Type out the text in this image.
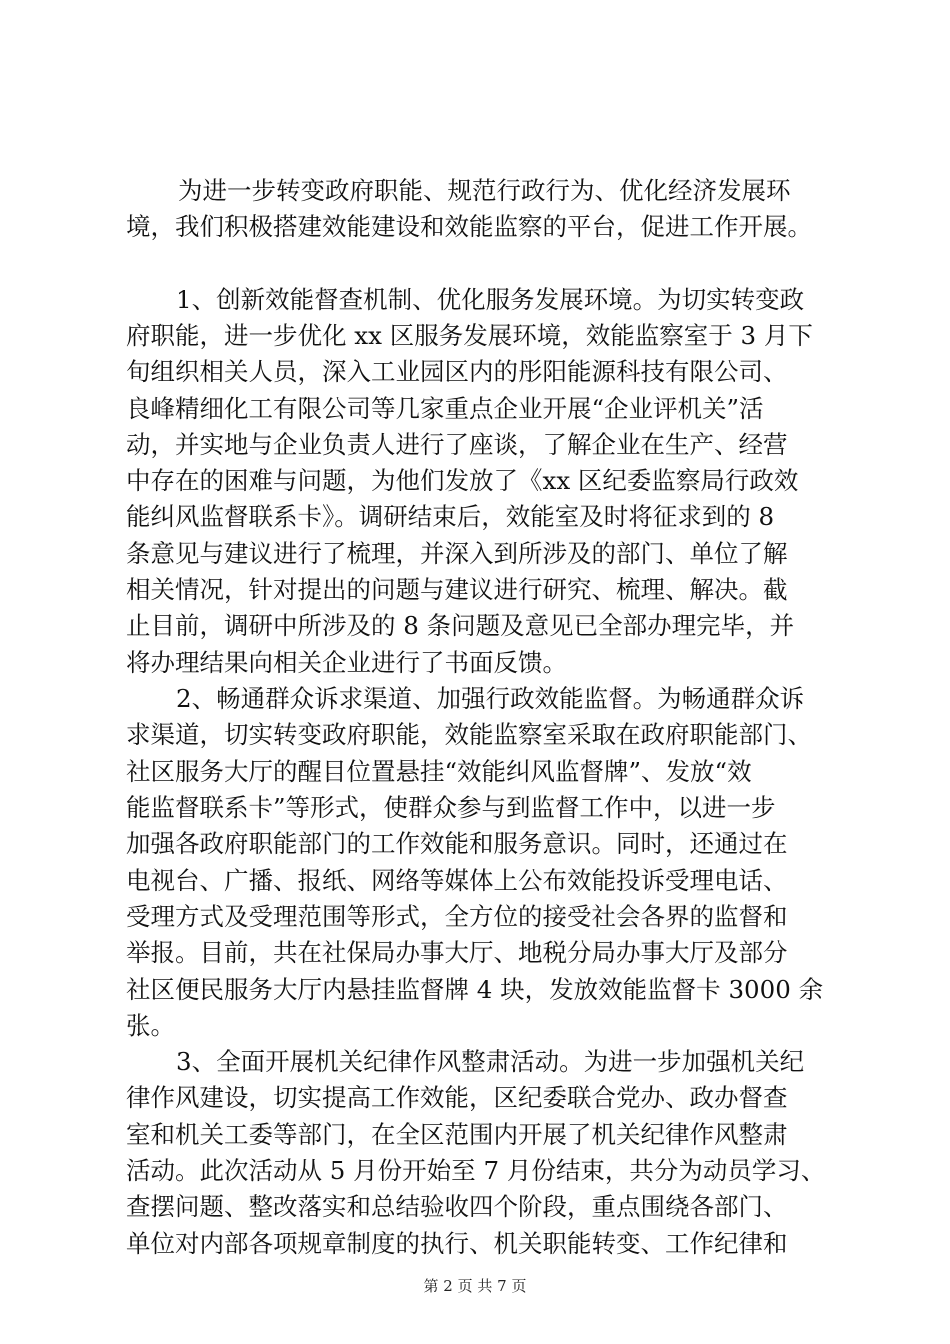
为进一步转变政府职能、规范行政行为、优化经济发展环
境，我们积极搭建效能建设和效能监察的平台，促进工作开展。
1、创新效能督查机制、优化服务发展环境。为切实转变政
府职能，进一步优化 xx 区服务发展环境，效能监察室于 3 月下
旬组织相关人员，深入工业园区内的彤阳能源科技有限公司、
良峰精细化工有限公司等几家重点企业开展“企业评机关”活
动，并实地与企业负责人进行了座谈，了解企业在生产、经营
中存在的困难与问题，为他们发放了《xx 区纪委监察局行政效
能纠风监督联系卡》。调研结束后，效能室及时将征求到的 8
条意见与建议进行了梳理，并深入到所涉及的部门、单位了解
相关情况，针对提出的问题与建议进行研究、梳理、解决。截
止目前，调研中所涉及的 8 条问题及意见已全部办理完毕，并
将办理结果向相关企业进行了书面反馈。
2、畅通群众诉求渠道、加强行政效能监督。为畅通群众诉
求渠道，切实转变政府职能，效能监察室采取在政府职能部门、
社区服务大厅的醒目位置悬挂“效能纠风监督牌”、发放“效
能监督联系卡”等形式，使群众参与到监督工作中，以进一步
加强各政府职能部门的工作效能和服务意识。同时，还通过在
电视台、广播、报纸、网络等媒体上公布效能投诉受理电话、
受理方式及受理范围等形式，全方位的接受社会各界的监督和
举报。目前，共在社保局办事大厅、地税分局办事大厅及部分
社区便民服务大厅内悬挂监督牌 4 块，发放效能监督卡 3000 余
张。
3、全面开展机关纪律作风整肃活动。为进一步加强机关纪
律作风建设，切实提高工作效能，区纪委联合党办、政办督查
室和机关工委等部门，在全区范围内开展了机关纪律作风整肃
活动。此次活动从 5 月份开始至 7 月份结束，共分为动员学习、
查摆问题、整改落实和总结验收四个阶段，重点围绕各部门、
单位对内部各项规章制度的执行、机关职能转变、工作纪律和
第 2 页 共 7 页
